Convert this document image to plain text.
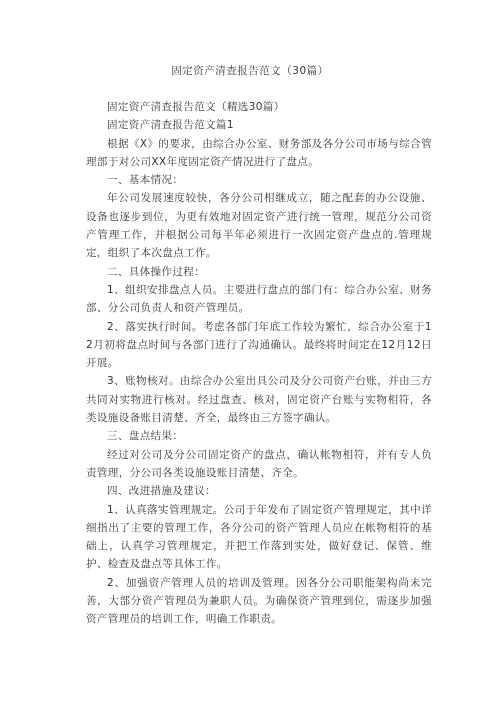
固定资产清查报告范文（30篇）

固定资产清查报告范文（精选30篇）

固定资产清查报告范文篇1

根据《X》的要求，由综合办公室、财务部及各分公司市场与综合管理部于对公司XX年度固定资产情况进行了盘点。

一、基本情况：

年公司发展速度较快，各分公司相继成立，随之配套的办公设施、设备也逐步到位，为更有效地对固定资产进行统一管理，规范分公司资产管理工作，并根据公司每半年必须进行一次固定资产盘点的.管理规定，组织了本次盘点工作。

二、具体操作过程：

1、组织安排盘点人员。主要进行盘点的部门有：综合办公室、财务部、分公司负责人和资产管理员。

2、落实执行时间。考虑各部门年底工作较为繁忙，综合办公室于12月初将盘点时间与各部门进行了沟通确认。最终将时间定在12月12日开展。

3、账物核对。由综合办公室出具公司及分公司资产台账，并由三方共同对实物进行核对。经过盘查、核对，固定资产台账与实物相符，各类设施设备账目清楚、齐全，最终由三方签字确认。

三、盘点结果：

经过对公司及分公司固定资产的盘点，确认帐物相符，并有专人负责管理，分公司各类设施设账目清楚、齐全。

四、改进措施及建议：

1、认真落实管理规定。公司于年发布了固定资产管理规定，其中详细指出了主要的管理工作，各分公司的资产管理人员应在帐物相符的基础上，认真学习管理规定，并把工作落到实处，做好登记、保管、维护、检查及盘点等具体工作。

2、加强资产管理人员的培训及管理。因各分公司职能架构尚未完善，大部分资产管理员为兼职人员。为确保资产管理到位，需逐步加强资产管理员的培训工作，明确工作职责。
